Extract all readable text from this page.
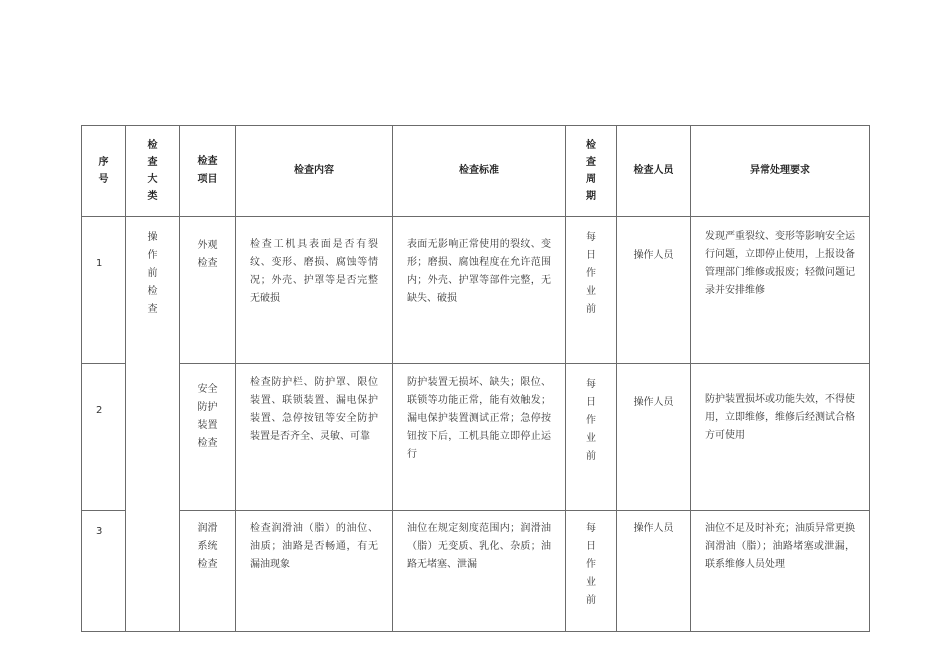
序号	检查大类	检查项目	检查内容	检查标准	检查周期	检查人员	异常处理要求
1	操作前检查	外观检查	检查工机具表面是否有裂纹、变形、磨损、腐蚀等情况；外壳、护罩等是否完整无破损	表面无影响正常使用的裂纹、变形；磨损、腐蚀程度在允许范围内；外壳、护罩等部件完整，无缺失、破损	每日作业前	操作人员	发现严重裂纹、变形等影响安全运行问题，立即停止使用，上报设备管理部门维修或报废；轻微问题记录并安排维修
2		安全防护装置检查	检查防护栏、防护罩、限位装置、联锁装置、漏电保护装置、急停按钮等安全防护装置是否齐全、灵敏、可靠	防护装置无损坏、缺失；限位、联锁等功能正常，能有效触发；漏电保护装置测试正常；急停按钮按下后，工机具能立即停止运行	每日作业前	操作人员	防护装置损坏或功能失效，不得使用，立即维修，维修后经测试合格方可使用
3		润滑系统检查	检查润滑油（脂）的油位、油质；油路是否畅通，有无漏油现象	油位在规定刻度范围内；润滑油（脂）无变质、乳化、杂质；油路无堵塞、泄漏	每日作业前	操作人员	油位不足及时补充；油质异常更换润滑油（脂）；油路堵塞或泄漏，联系维修人员处理
